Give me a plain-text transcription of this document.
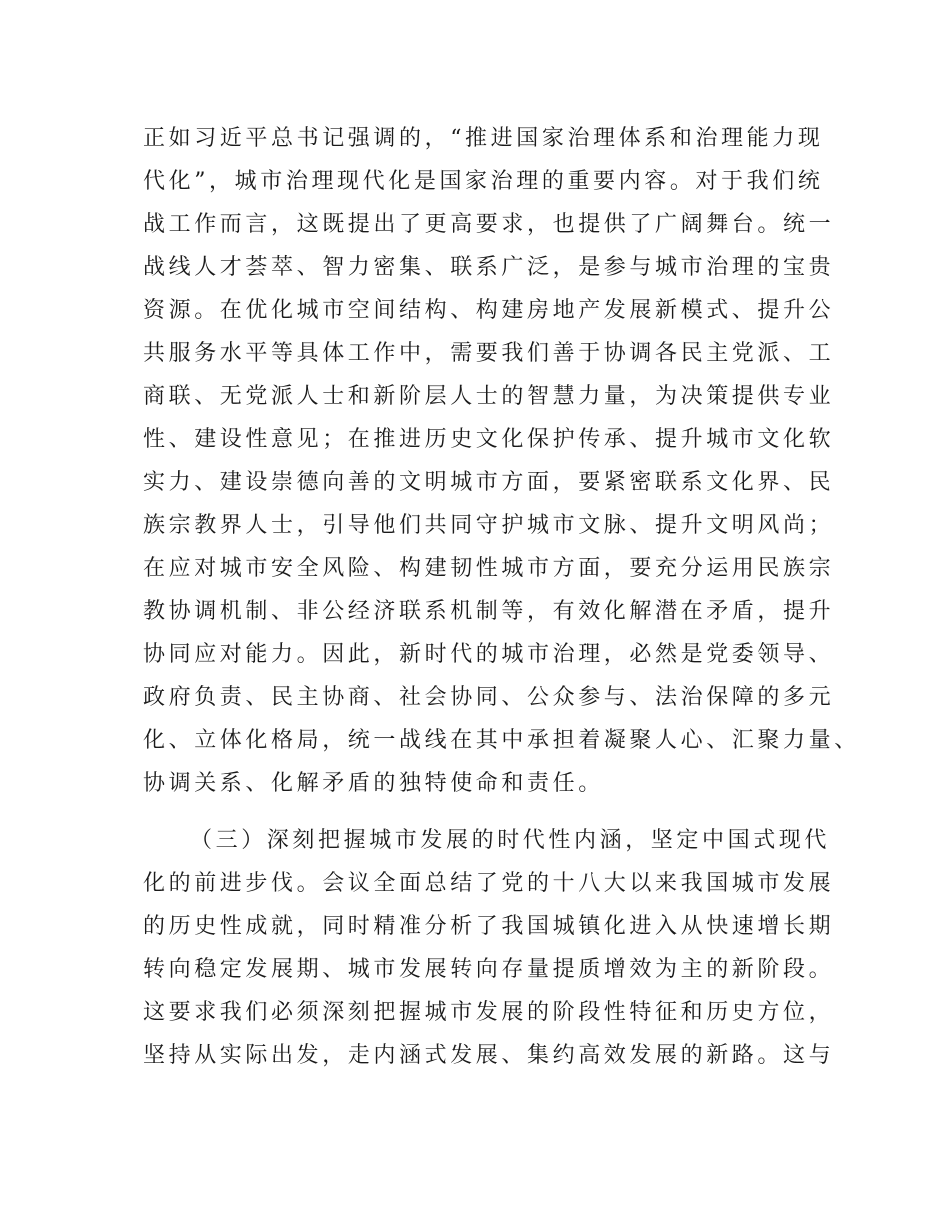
正如习近平总书记强调的，“推进国家治理体系和治理能力现
代化”，城市治理现代化是国家治理的重要内容。对于我们统
战工作而言，这既提出了更高要求，也提供了广阔舞台。统一
战线人才荟萃、智力密集、联系广泛，是参与城市治理的宝贵
资源。在优化城市空间结构、构建房地产发展新模式、提升公
共服务水平等具体工作中，需要我们善于协调各民主党派、工
商联、无党派人士和新阶层人士的智慧力量，为决策提供专业
性、建设性意见；在推进历史文化保护传承、提升城市文化软
实力、建设崇德向善的文明城市方面，要紧密联系文化界、民
族宗教界人士，引导他们共同守护城市文脉、提升文明风尚；
在应对城市安全风险、构建韧性城市方面，要充分运用民族宗
教协调机制、非公经济联系机制等，有效化解潜在矛盾，提升
协同应对能力。因此，新时代的城市治理，必然是党委领导、
政府负责、民主协商、社会协同、公众参与、法治保障的多元
化、立体化格局，统一战线在其中承担着凝聚人心、汇聚力量、
协调关系、化解矛盾的独特使命和责任。
（三）深刻把握城市发展的时代性内涵，坚定中国式现代
化的前进步伐。会议全面总结了党的十八大以来我国城市发展
的历史性成就，同时精准分析了我国城镇化进入从快速增长期
转向稳定发展期、城市发展转向存量提质增效为主的新阶段。
这要求我们必须深刻把握城市发展的阶段性特征和历史方位，
坚持从实际出发，走内涵式发展、集约高效发展的新路。这与
